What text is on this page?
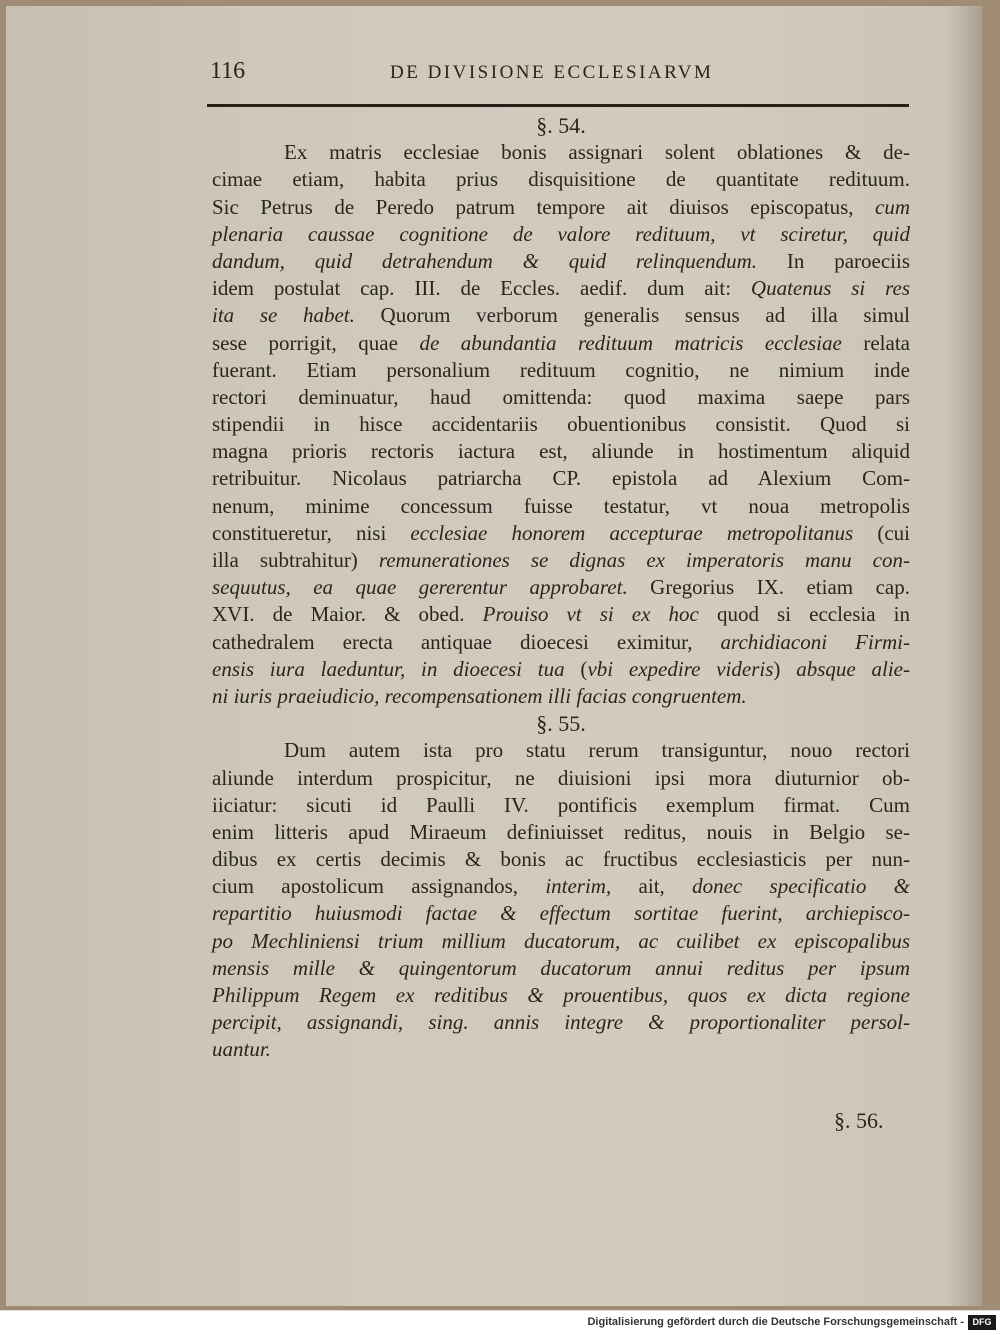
116	DE DIVISIONE ECCLESIARVM
§. 54.
Ex matris ecclesiae bonis assignari solent oblationes & de-
cimae etiam, habita prius disquisitione de quantitate redituum.
Sic Petrus de Peredo patrum tempore ait diuisos episcopatus, cum
plenaria caussae cognitione de valore redituum, vt sciretur, quid
dandum, quid detrahendum & quid relinquendum. In paroeciis
idem postulat cap. III. de Eccles. aedif. dum ait: Quatenus si res
ita se habet. Quorum verborum generalis sensus ad illa simul
sese porrigit, quae de abundantia redituum matricis ecclesiae relata
fuerant. Etiam personalium redituum cognitio, ne nimium inde
rectori deminuatur, haud omittenda: quod maxima saepe pars
stipendii in hisce accidentariis obuentionibus consistit. Quod si
magna prioris rectoris iactura est, aliunde in hostimentum aliquid
retribuitur. Nicolaus patriarcha CP. epistola ad Alexium Com-
nenum, minime concessum fuisse testatur, vt noua metropolis
constitueretur, nisi ecclesiae honorem accepturae metropolitanus (cui
illa subtrahitur) remunerationes se dignas ex imperatoris manu con-
sequutus, ea quae gererentur approbaret. Gregorius IX. etiam cap.
XVI. de Maior. & obed. Prouiso vt si ex hoc quod si ecclesia in
cathedralem erecta antiquae dioecesi eximitur, archidiaconi Firmi-
ensis iura laeduntur, in dioecesi tua (vbi expedire videris) absque alie-
ni iuris praeiudicio, recompensationem illi facias congruentem.
§. 55.
Dum autem ista pro statu rerum transiguntur, nouo rectori
aliunde interdum prospicitur, ne diuisioni ipsi mora diuturnior ob-
iiciatur: sicuti id Paulli IV. pontificis exemplum firmat. Cum
enim litteris apud Miraeum definiuisset reditus, nouis in Belgio se-
dibus ex certis decimis & bonis ac fructibus ecclesiasticis per nun-
cium apostolicum assignandos, interim, ait, donec specificatio &
repartitio huiusmodi factae & effectum sortitae fuerint, archiepisco-
po Mechliniensi trium millium ducatorum, ac cuilibet ex episcopalibus
mensis mille & quingentorum ducatorum annui reditus per ipsum
Philippum Regem ex reditibus & prouentibus, quos ex dicta regione
percipit, assignandi, sing. annis integre & proportionaliter persol-
uantur.
§. 56.
Digitalisierung gefördert durch die Deutsche Forschungsgemeinschaft - DFG
